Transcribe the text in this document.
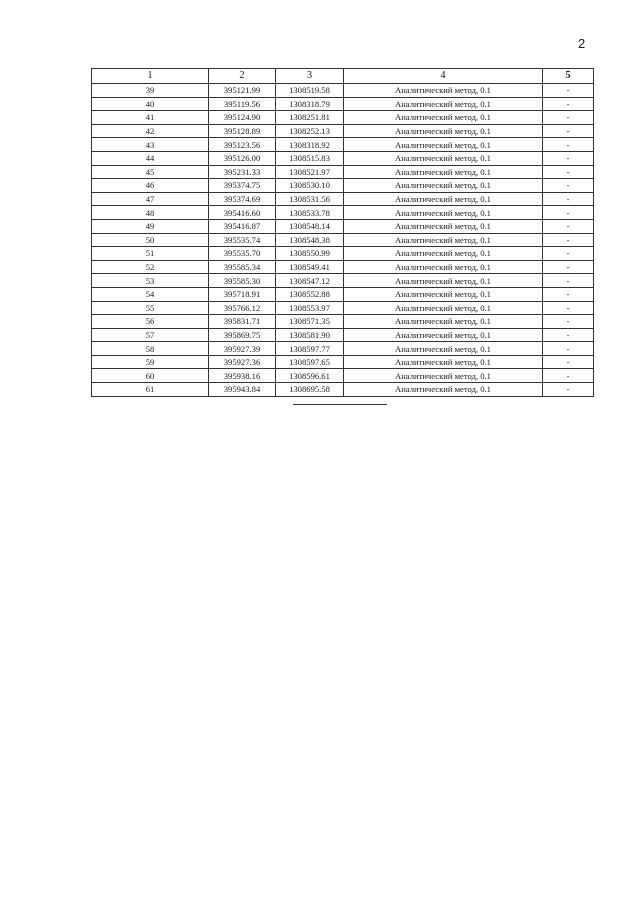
2
1	2	3	4	5
39	395121.99	1308519.58	Аналитический метод, 0.1	-
40	395119.56	1308318.79	Аналитический метод, 0.1	-
41	395124.90	1308251.81	Аналитический метод, 0.1	-
42	395128.89	1308252.13	Аналитический метод, 0.1	-
43	395123.56	1308318.92	Аналитический метод, 0.1	-
44	395126.00	1308515.83	Аналитический метод, 0.1	-
45	395231.33	1308521.97	Аналитический метод, 0.1	-
46	395374.75	1308530.10	Аналитический метод, 0.1	-
47	395374.69	1308531.56	Аналитический метод, 0.1	-
48	395416.60	1308533.78	Аналитический метод, 0.1	-
49	395416.87	1308548.14	Аналитический метод, 0.1	-
50	395535.74	1308548.38	Аналитический метод, 0.1	-
51	395535.70	1308550.99	Аналитический метод, 0.1	-
52	395585.34	1308549.41	Аналитический метод, 0.1	-
53	395585.30	1308547.12	Аналитический метод, 0.1	-
54	395718.91	1308552.88	Аналитический метод, 0.1	-
55	395766.12	1308553.97	Аналитический метод, 0.1	-
56	395831.71	1308571.35	Аналитический метод, 0.1	-
57	395869.75	1308581.90	Аналитический метод, 0.1	-
58	395927.39	1308597.77	Аналитический метод, 0.1	-
59	395927.36	1308597.65	Аналитический метод, 0.1	-
60	395938.16	1308596.61	Аналитический метод, 0.1	-
61	395943.84	1308695.58	Аналитический метод, 0.1	-
